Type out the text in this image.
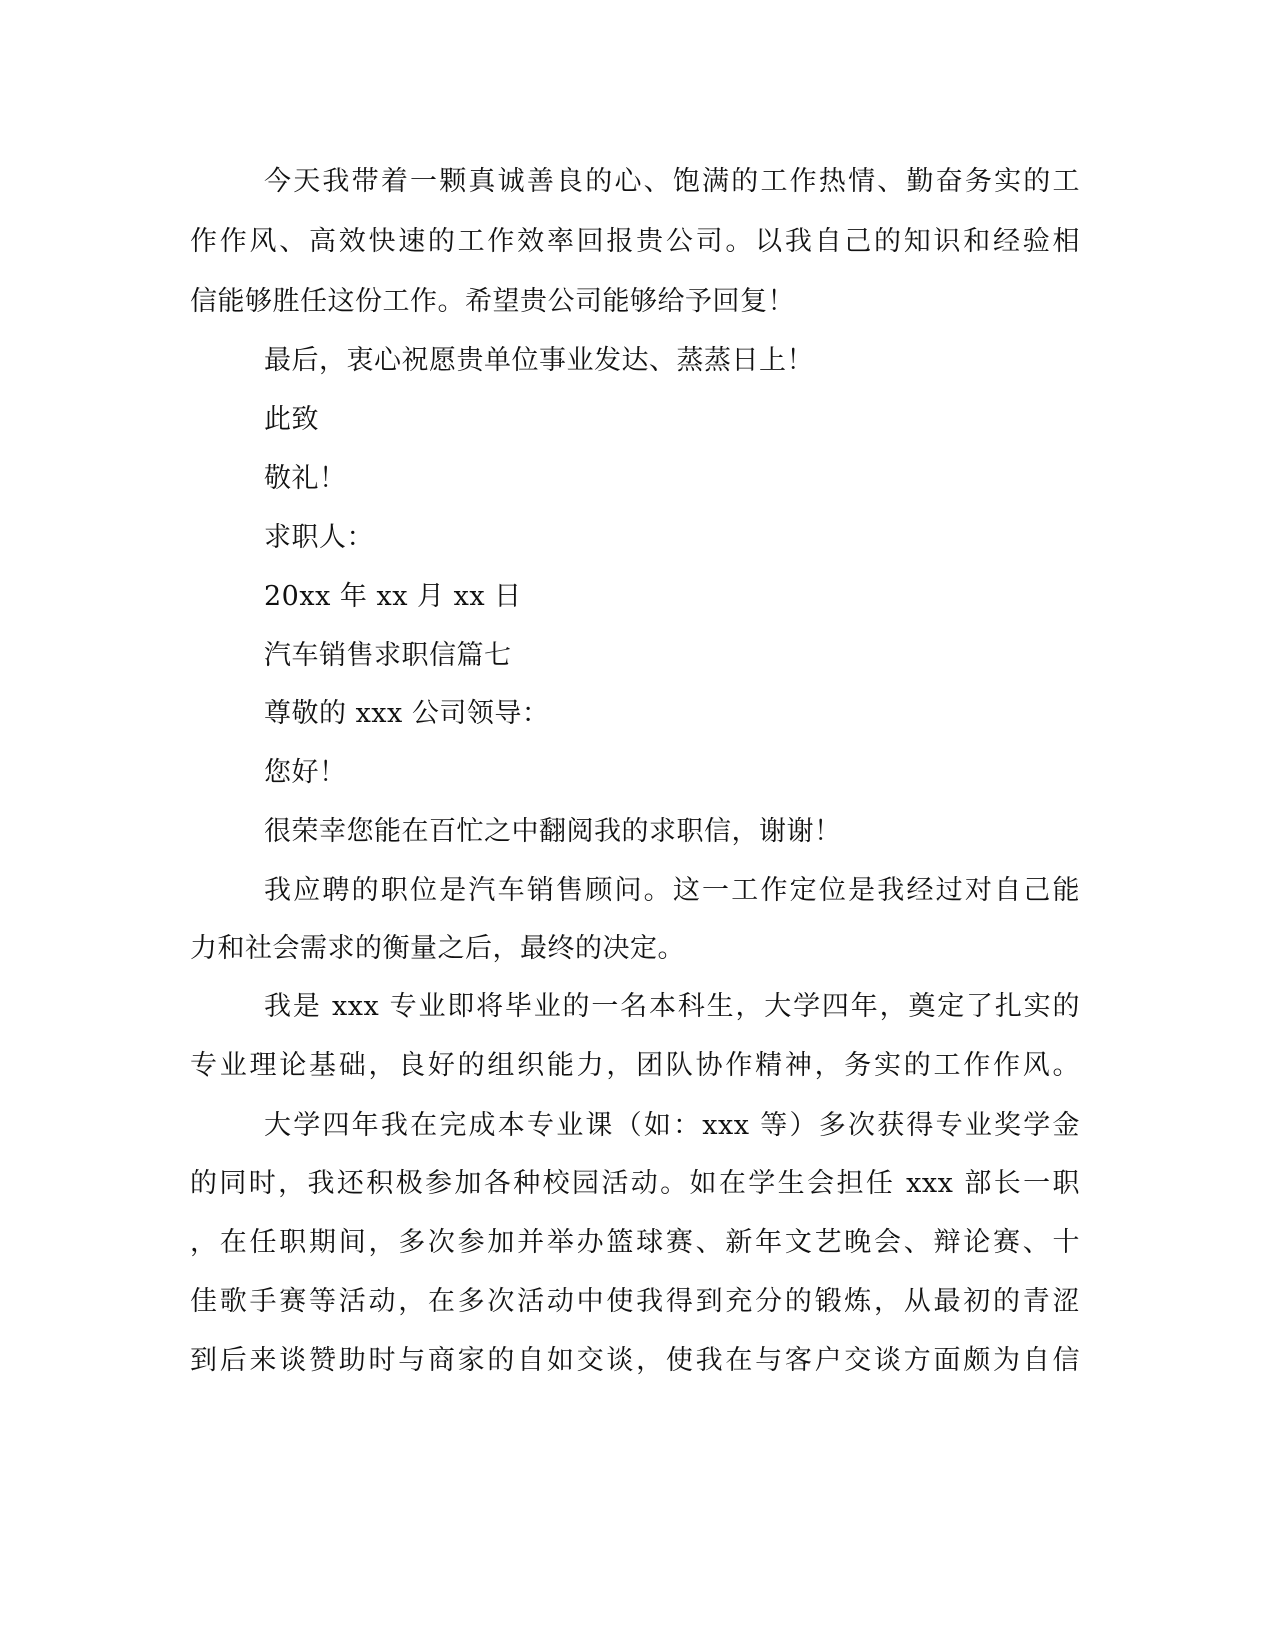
今天我带着一颗真诚善良的心、饱满的工作热情、勤奋务实的工
作作风、高效快速的工作效率回报贵公司。以我自己的知识和经验相
信能够胜任这份工作。希望贵公司能够给予回复！
最后，衷心祝愿贵单位事业发达、蒸蒸日上！
此致
敬礼！
求职人：
20xx 年 xx 月 xx 日
汽车销售求职信篇七
尊敬的 xxx 公司领导：
您好！
很荣幸您能在百忙之中翻阅我的求职信，谢谢！
我应聘的职位是汽车销售顾问。这一工作定位是我经过对自己能
力和社会需求的衡量之后，最终的决定。
我是 xxx 专业即将毕业的一名本科生，大学四年，奠定了扎实的
专业理论基础，良好的组织能力，团队协作精神，务实的工作作风。
大学四年我在完成本专业课（如：xxx 等）多次获得专业奖学金
的同时，我还积极参加各种校园活动。如在学生会担任 xxx 部长一职
，在任职期间，多次参加并举办篮球赛、新年文艺晚会、辩论赛、十
佳歌手赛等活动，在多次活动中使我得到充分的锻炼，从最初的青涩
到后来谈赞助时与商家的自如交谈，使我在与客户交谈方面颇为自信
